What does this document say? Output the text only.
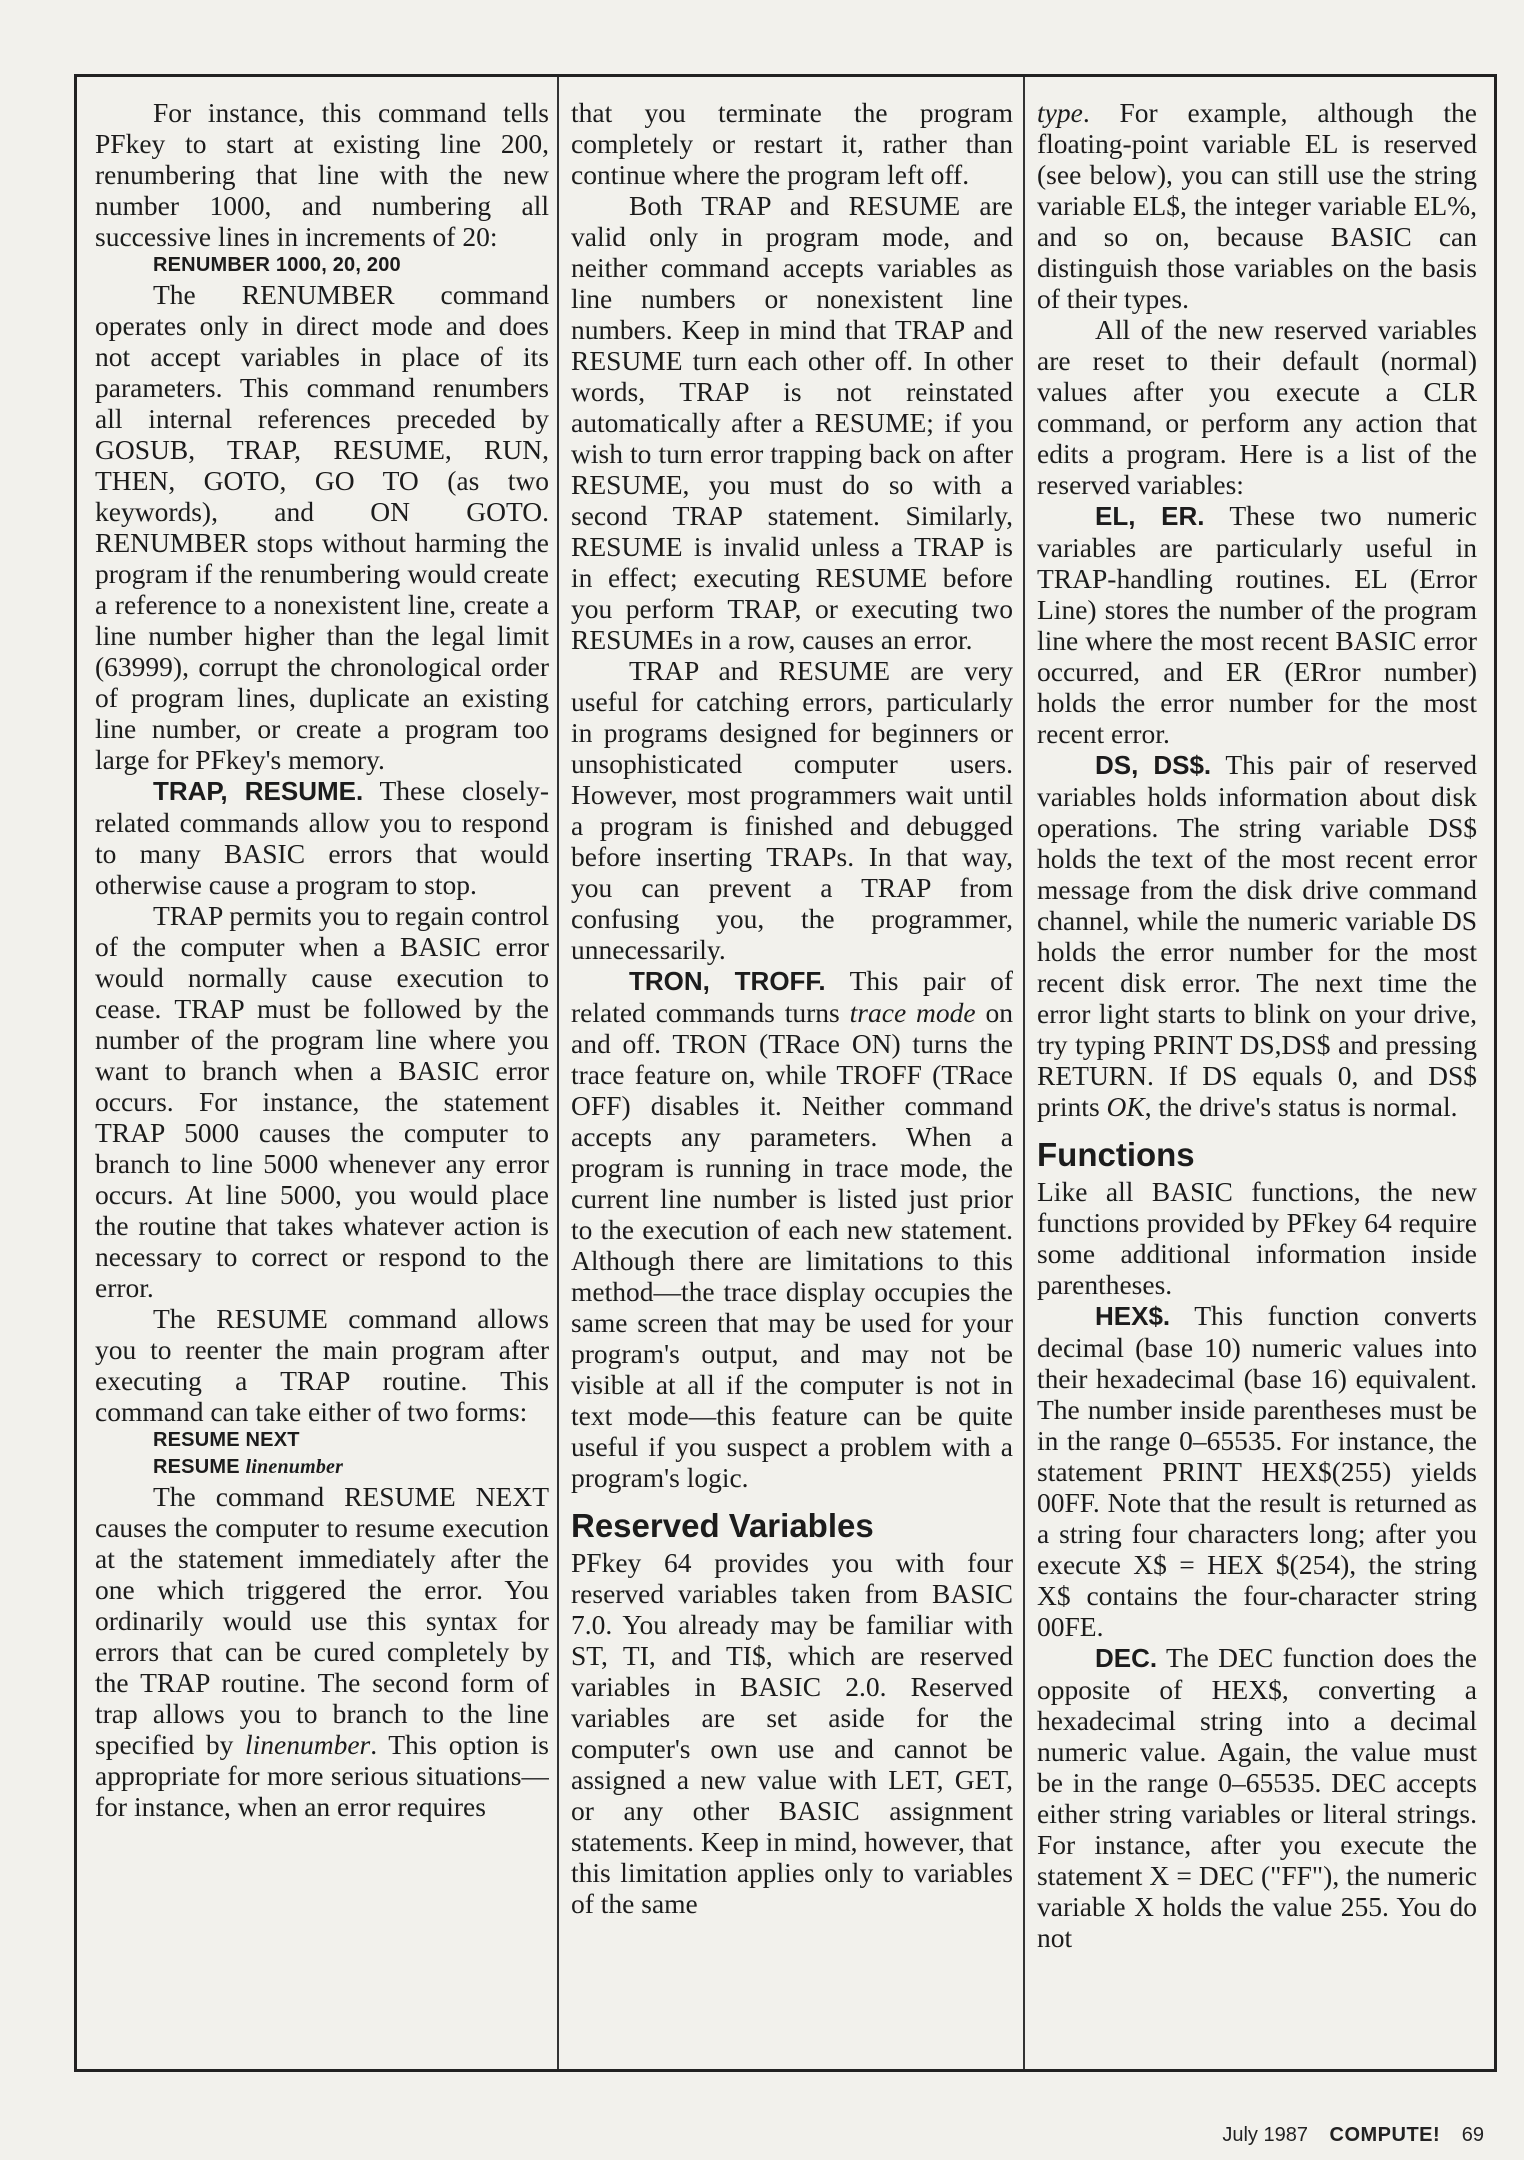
For instance, this command tells PFkey to start at existing line 200, renumbering that line with the new number 1000, and numbering all successive lines in increments of 20:

RENUMBER 1000, 20, 200

The RENUMBER command operates only in direct mode and does not accept variables in place of its parameters. This command renumbers all internal references preceded by GOSUB, TRAP, RESUME, RUN, THEN, GOTO, GO TO (as two keywords), and ON GOTO. RENUMBER stops without harming the program if the renumbering would create a reference to a nonexistent line, create a line number higher than the legal limit (63999), corrupt the chronological order of program lines, duplicate an existing line number, or create a program too large for PFkey's memory.

TRAP, RESUME. These closely-related commands allow you to respond to many BASIC errors that would otherwise cause a program to stop.

TRAP permits you to regain control of the computer when a BASIC error would normally cause execution to cease. TRAP must be followed by the number of the program line where you want to branch when a BASIC error occurs. For instance, the statement TRAP 5000 causes the computer to branch to line 5000 whenever any error occurs. At line 5000, you would place the routine that takes whatever action is necessary to correct or respond to the error.

The RESUME command allows you to reenter the main program after executing a TRAP routine. This command can take either of two forms:

RESUME NEXT

RESUME linenumber

The command RESUME NEXT causes the computer to resume execution at the statement immediately after the one which triggered the error. You ordinarily would use this syntax for errors that can be cured completely by the TRAP routine. The second form of trap allows you to branch to the line specified by linenumber. This option is appropriate for more serious situations—for instance, when an error requires

that you terminate the program completely or restart it, rather than continue where the program left off.

Both TRAP and RESUME are valid only in program mode, and neither command accepts variables as line numbers or nonexistent line numbers. Keep in mind that TRAP and RESUME turn each other off. In other words, TRAP is not reinstated automatically after a RESUME; if you wish to turn error trapping back on after RESUME, you must do so with a second TRAP statement. Similarly, RESUME is invalid unless a TRAP is in effect; executing RESUME before you perform TRAP, or executing two RESUMEs in a row, causes an error.

TRAP and RESUME are very useful for catching errors, particularly in programs designed for beginners or unsophisticated computer users. However, most programmers wait until a program is finished and debugged before inserting TRAPs. In that way, you can prevent a TRAP from confusing you, the programmer, unnecessarily.

TRON, TROFF. This pair of related commands turns trace mode on and off. TRON (TRace ON) turns the trace feature on, while TROFF (TRace OFF) disables it. Neither command accepts any parameters. When a program is running in trace mode, the current line number is listed just prior to the execution of each new statement. Although there are limitations to this method—the trace display occupies the same screen that may be used for your program's output, and may not be visible at all if the computer is not in text mode—this feature can be quite useful if you suspect a problem with a program's logic.

Reserved Variables

PFkey 64 provides you with four reserved variables taken from BASIC 7.0. You already may be familiar with ST, TI, and TI$, which are reserved variables in BASIC 2.0. Reserved variables are set aside for the computer's own use and cannot be assigned a new value with LET, GET, or any other BASIC assignment statements. Keep in mind, however, that this limitation applies only to variables of the same

type. For example, although the floating-point variable EL is reserved (see below), you can still use the string variable EL$, the integer variable EL%, and so on, because BASIC can distinguish those variables on the basis of their types.

All of the new reserved variables are reset to their default (normal) values after you execute a CLR command, or perform any action that edits a program. Here is a list of the reserved variables:

EL, ER. These two numeric variables are particularly useful in TRAP-handling routines. EL (Error Line) stores the number of the program line where the most recent BASIC error occurred, and ER (ERror number) holds the error number for the most recent error.

DS, DS$. This pair of reserved variables holds information about disk operations. The string variable DS$ holds the text of the most recent error message from the disk drive command channel, while the numeric variable DS holds the error number for the most recent disk error. The next time the error light starts to blink on your drive, try typing PRINT DS,DS$ and pressing RETURN. If DS equals 0, and DS$ prints OK, the drive's status is normal.

Functions

Like all BASIC functions, the new functions provided by PFkey 64 require some additional information inside parentheses.

HEX$. This function converts decimal (base 10) numeric values into their hexadecimal (base 16) equivalent. The number inside parentheses must be in the range 0–65535. For instance, the statement PRINT HEX$(255) yields 00FF. Note that the result is returned as a string four characters long; after you execute X$ = HEX $(254), the string X$ contains the four-character string 00FE.

DEC. The DEC function does the opposite of HEX$, converting a hexadecimal string into a decimal numeric value. Again, the value must be in the range 0–65535. DEC accepts either string variables or literal strings. For instance, after you execute the statement X = DEC ("FF"), the numeric variable X holds the value 255. You do not

July 1987 COMPUTE! 69
